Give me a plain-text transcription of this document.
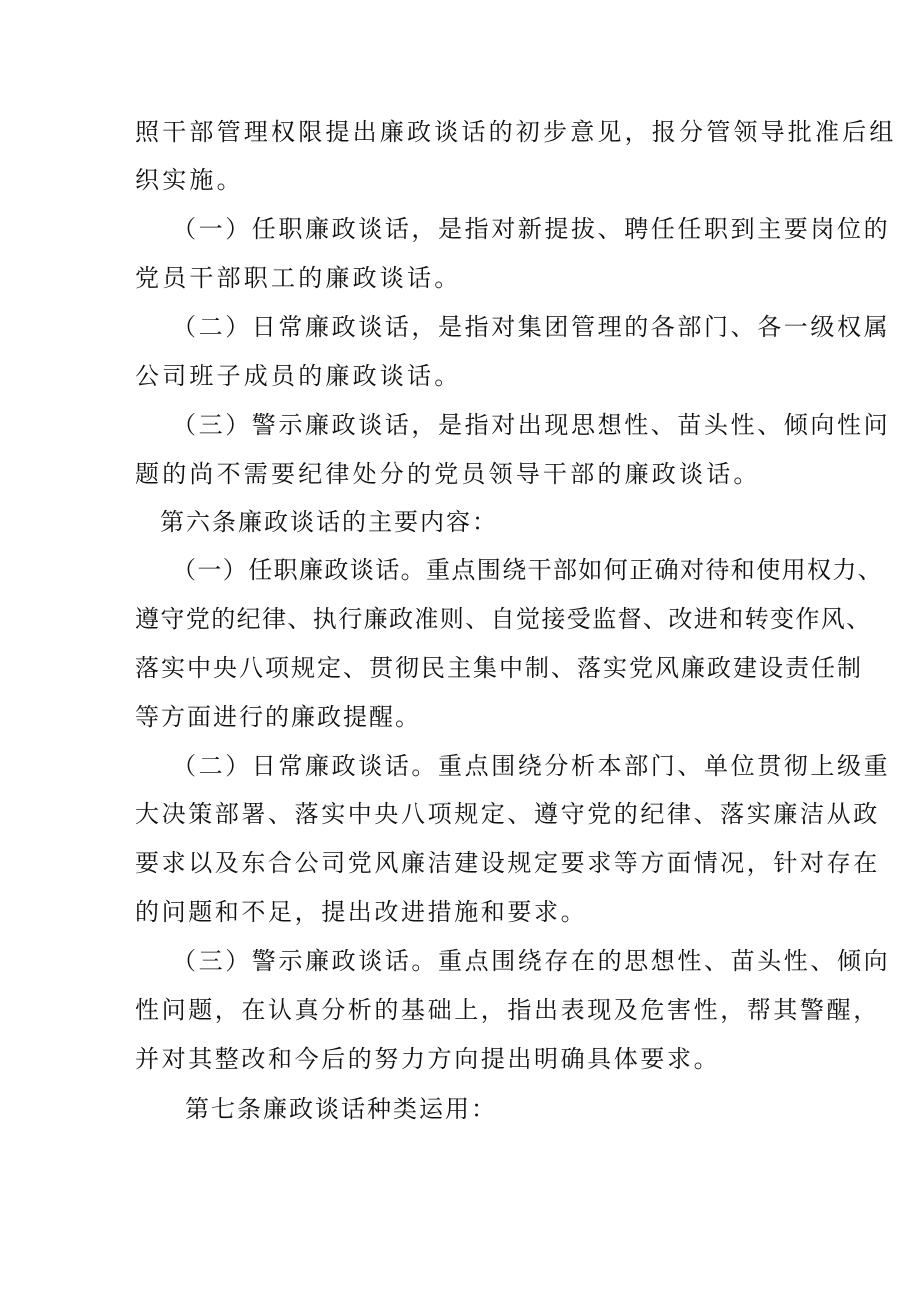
照干部管理权限提出廉政谈话的初步意见，报分管领导批准后组

织实施。

（一）任职廉政谈话，是指对新提拔、聘任任职到主要岗位的

党员干部职工的廉政谈话。

（二）日常廉政谈话，是指对集团管理的各部门、各一级权属

公司班子成员的廉政谈话。

（三）警示廉政谈话，是指对出现思想性、苗头性、倾向性问

题的尚不需要纪律处分的党员领导干部的廉政谈话。

第六条廉政谈话的主要内容：

（一）任职廉政谈话。重点围绕干部如何正确对待和使用权力、

遵守党的纪律、执行廉政准则、自觉接受监督、改进和转变作风、

落实中央八项规定、贯彻民主集中制、落实党风廉政建设责任制

等方面进行的廉政提醒。

（二）日常廉政谈话。重点围绕分析本部门、单位贯彻上级重

大决策部署、落实中央八项规定、遵守党的纪律、落实廉洁从政

要求以及东合公司党风廉洁建设规定要求等方面情况，针对存在

的问题和不足，提出改进措施和要求。

（三）警示廉政谈话。重点围绕存在的思想性、苗头性、倾向

性问题，在认真分析的基础上，指出表现及危害性，帮其警醒，

并对其整改和今后的努力方向提出明确具体要求。

第七条廉政谈话种类运用：
